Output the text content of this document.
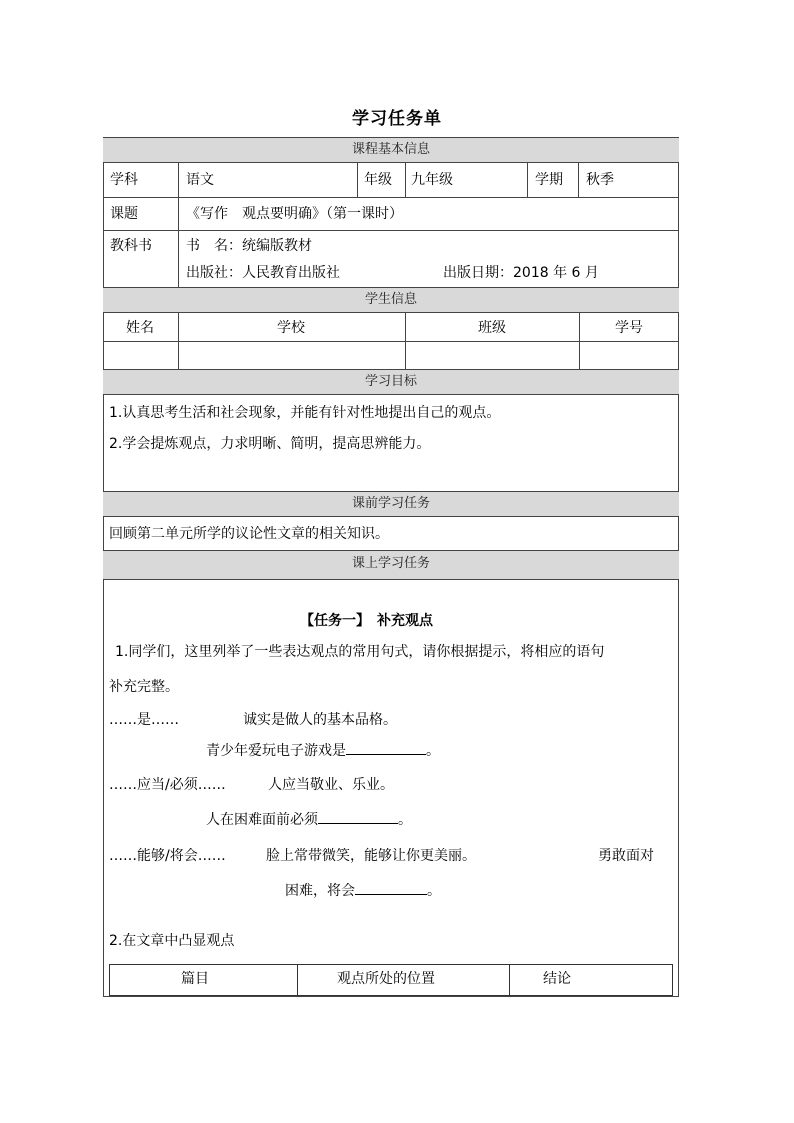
学习任务单
课程基本信息
学科	语文	年级 九年级	学期 秋季
课题	《写作　观点要明确》（第一课时）
教科书 书　名：统编版教材
出版社：人民教育出版社	出版日期：2018 年 6 月
学生信息
姓名	学校	班级	学号
学习目标
1.认真思考生活和社会现象，并能有针对性地提出自己的观点。
2.学会提炼观点，力求明晰、简明，提高思辨能力。
课前学习任务
回顾第二单元所学的议论性文章的相关知识。
课上学习任务
【任务一】　补充观点
1.同学们，这里列举了一些表达观点的常用句式，请你根据提示，将相应的语句
补充完整。
……是……	诚实是做人的基本品格。
青少年爱玩电子游戏是	。
……应当/必须……	人应当敬业、乐业。
人在困难面前必须	。
……能够/将会……	脸上常带微笑，能够让你更美丽。	勇敢面对
困难，将会	。
2.在文章中凸显观点
篇目	观点所处的位置	结论
